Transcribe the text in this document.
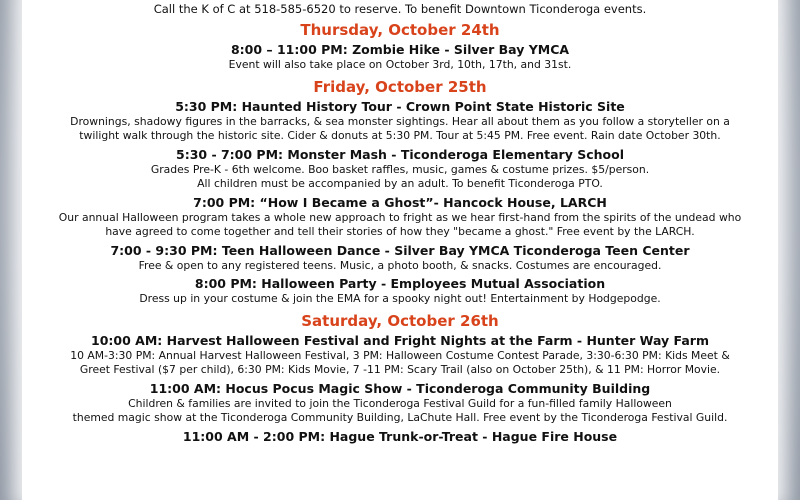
Call the K of C at 518-585-6520 to reserve. To benefit Downtown Ticonderoga events.
Thursday, October 24th
8:00 – 11:00 PM: Zombie Hike - Silver Bay YMCA
Event will also take place on October 3rd, 10th, 17th, and 31st.
Friday, October 25th
5:30 PM: Haunted History Tour - Crown Point State Historic Site
Drownings, shadowy figures in the barracks, & sea monster sightings. Hear all about them as you follow a storyteller on a
twilight walk through the historic site. Cider & donuts at 5:30 PM. Tour at 5:45 PM. Free event. Rain date October 30th.
5:30 - 7:00 PM: Monster Mash - Ticonderoga Elementary School
Grades Pre-K - 6th welcome. Boo basket raffles, music, games & costume prizes. $5/person.
All children must be accompanied by an adult. To benefit Ticonderoga PTO.
7:00 PM: “How I Became a Ghost”- Hancock House, LARCH
Our annual Halloween program takes a whole new approach to fright as we hear first-hand from the spirits of the undead who
have agreed to come together and tell their stories of how they "became a ghost." Free event by the LARCH.
7:00 - 9:30 PM: Teen Halloween Dance - Silver Bay YMCA Ticonderoga Teen Center
Free & open to any registered teens. Music, a photo booth, & snacks. Costumes are encouraged.
8:00 PM: Halloween Party - Employees Mutual Association
Dress up in your costume & join the EMA for a spooky night out! Entertainment by Hodgepodge.
Saturday, October 26th
10:00 AM: Harvest Halloween Festival and Fright Nights at the Farm - Hunter Way Farm
10 AM-3:30 PM: Annual Harvest Halloween Festival, 3 PM: Halloween Costume Contest Parade, 3:30-6:30 PM: Kids Meet &
Greet Festival ($7 per child), 6:30 PM: Kids Movie, 7 -11 PM: Scary Trail (also on October 25th), & 11 PM: Horror Movie.
11:00 AM: Hocus Pocus Magic Show - Ticonderoga Community Building
Children & families are invited to join the Ticonderoga Festival Guild for a fun-filled family Halloween
themed magic show at the Ticonderoga Community Building, LaChute Hall. Free event by the Ticonderoga Festival Guild.
11:00 AM - 2:00 PM: Hague Trunk-or-Treat - Hague Fire House
